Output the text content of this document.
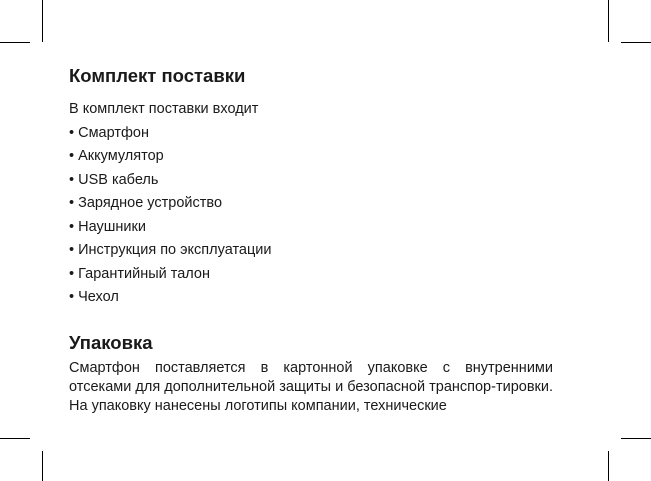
Комплект поставки
В комплект поставки входит
• Смартфон
• Аккумулятор
• USB кабель
• Зарядное устройство
• Наушники
• Инструкция по эксплуатации
• Гарантийный талон
• Чехол
Упаковка

Смартфон поставляется в картонной упаковке с внутренними отсеками для дополнительной защиты и безопасной транспор-тировки. На упаковку нанесены логотипы компании, технические
